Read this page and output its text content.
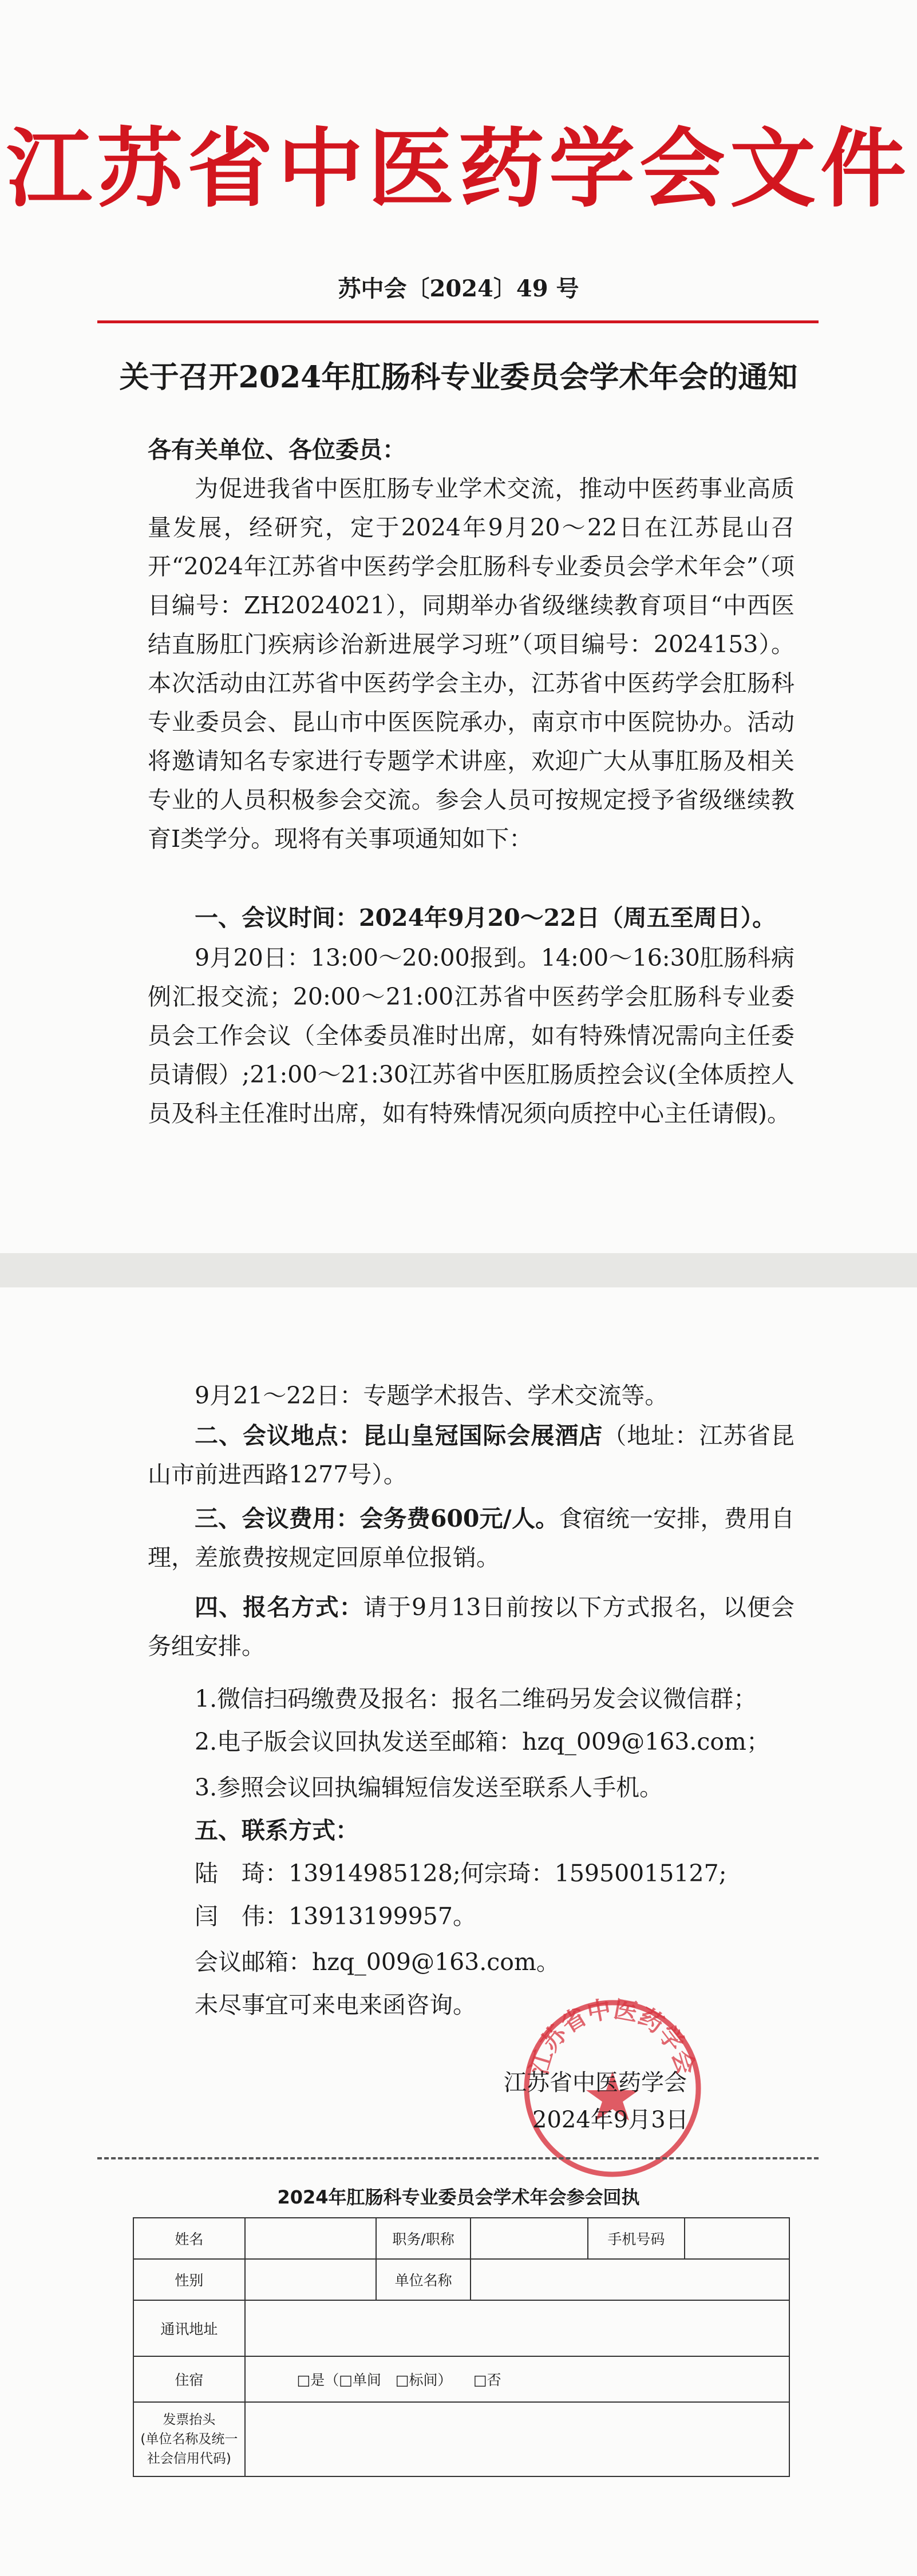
江苏省中医药学会文件
苏中会〔2024〕49 号
关于召开2024年肛肠科专业委员会学术年会的通知
各有关单位、各位委员：
为促进我省中医肛肠专业学术交流，推动中医药事业高质量发展，经研究，定于2024年9月20～22日在江苏昆山召开“2024年江苏省中医药学会肛肠科专业委员会学术年会”（项目编号：ZH2024021），同期举办省级继续教育项目“中西医结直肠肛门疾病诊治新进展学习班”（项目编号：2024153）。本次活动由江苏省中医药学会主办，江苏省中医药学会肛肠科专业委员会、昆山市中医医院承办，南京市中医院协办。活动将邀请知名专家进行专题学术讲座，欢迎广大从事肛肠及相关专业的人员积极参会交流。参会人员可按规定授予省级继续教育Ⅰ类学分。现将有关事项通知如下：
一、会议时间：2024年9月20～22日（周五至周日）。
9月20日：13:00～20:00报到。14:00～16:30肛肠科病例汇报交流；20:00～21:00江苏省中医药学会肛肠科专业委员会工作会议（全体委员准时出席，如有特殊情况需向主任委员请假）;21:00～21:30江苏省中医肛肠质控会议(全体质控人员及科主任准时出席，如有特殊情况须向质控中心主任请假)。
9月21～22日：专题学术报告、学术交流等。
二、会议地点：昆山皇冠国际会展酒店（地址：江苏省昆山市前进西路1277号）。
三、会议费用：会务费600元/人。食宿统一安排，费用自理，差旅费按规定回原单位报销。
四、报名方式：请于9月13日前按以下方式报名，以便会务组安排。
1.微信扫码缴费及报名：报名二维码另发会议微信群；
2.电子版会议回执发送至邮箱：hzq_009@163.com；
3.参照会议回执编辑短信发送至联系人手机。
五、联系方式：
陆　琦：13914985128;何宗琦：15950015127;
闫　伟：13913199957。
会议邮箱：hzq_009@163.com。
未尽事宜可来电来函咨询。
江苏省中医药学会
江苏省中医药学会
2024年9月3日
2024年肛肠科专业委员会学术年会参会回执
姓名		职务/职称		手机号码	
性别		单位名称			
通讯地址					
住宿	□是（□单间　□标间）　　□否				
发票抬头
(单位名称及统一社会信用代码)					
